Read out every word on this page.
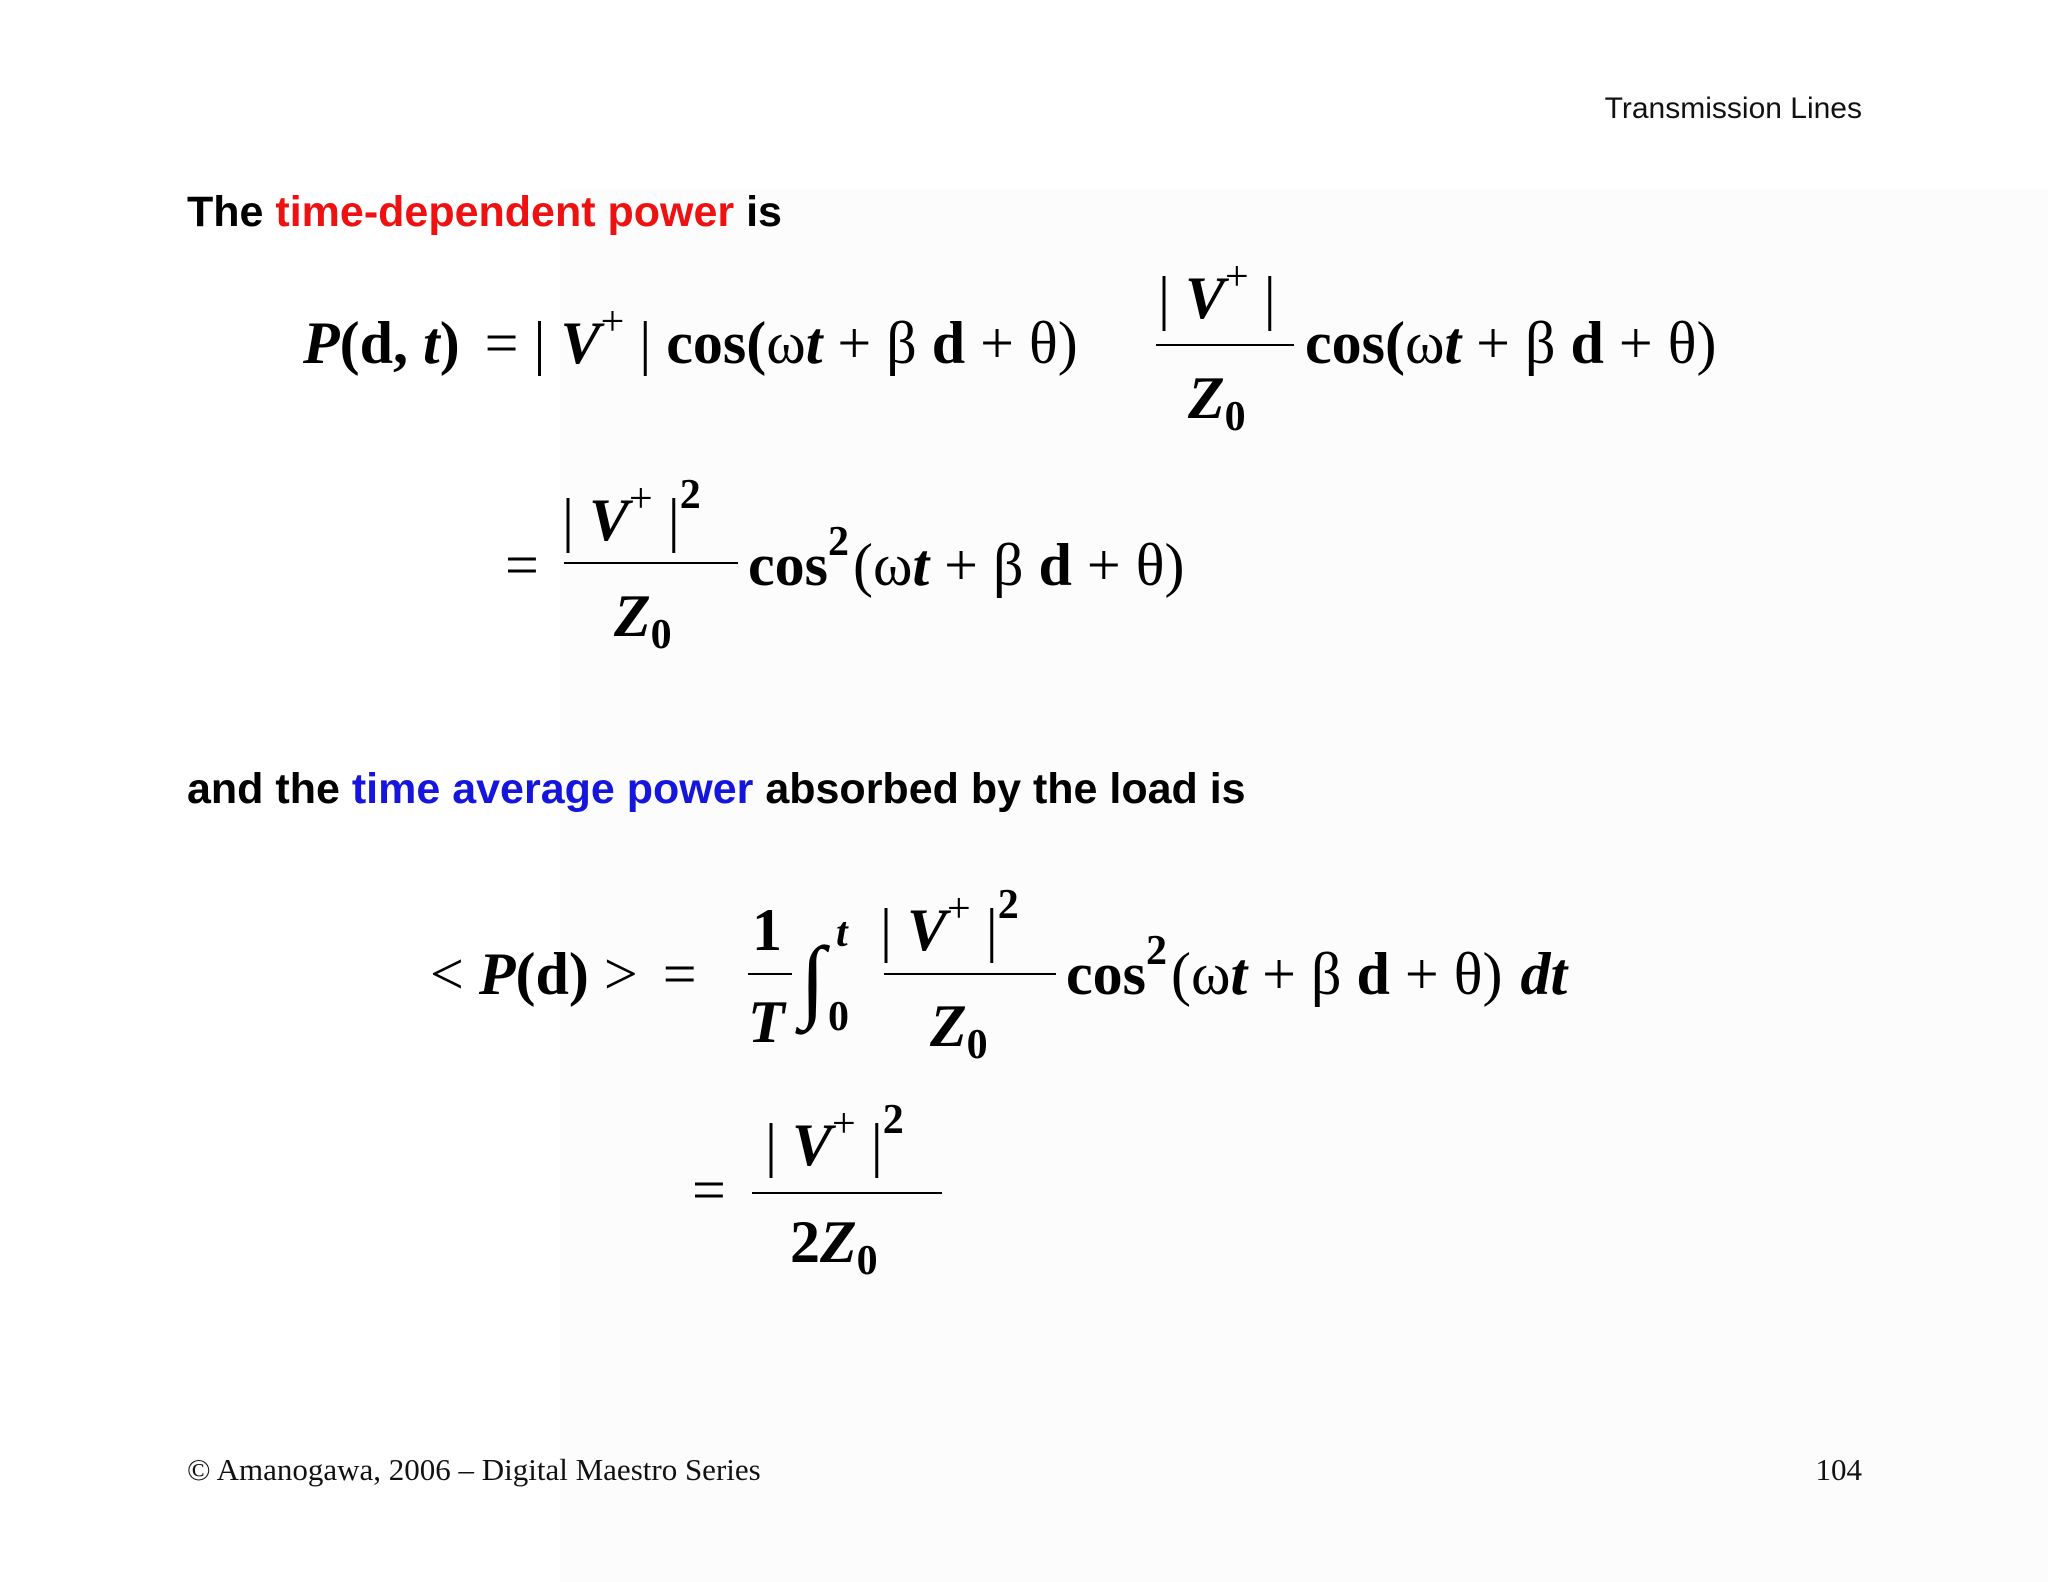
Transmission Lines
The time-dependent power is
and the time average power absorbed by the load is
P(d, t) = | V+ | cos(ωt + β d + θ)
| V+ |
$Z_0$
cos(ωt + β d + θ)
=
| V+ $|^2$
$Z_0$
$\cos^2(\omega t + \beta$ d + θ)
< P(d) > =
1
T ∫ t
0
| V+ $|^2$
$Z_0$
$\cos^2(\omega t + \beta$ d + θ) dt
=
| V+ $|^2$
$2Z_0$
© Amanogawa, 2006 – Digital Maestro Series	104
